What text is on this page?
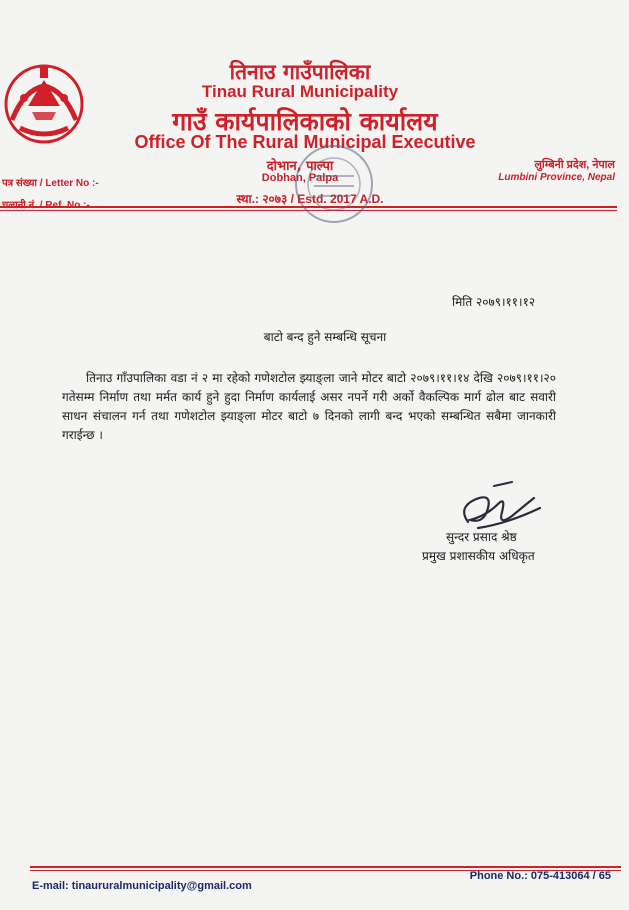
तिनाउ गाउँपालिका
Tinau Rural Municipality
गाउँ कार्यपालिकाको कार्यालय
Office Of The Rural Municipal Executive
दोभान, पाल्पा
Dobhan, Palpa
स्था.: २०७३ / Estd. 2017 A.D.
पत्र संख्या / Letter No :-
लुम्बिनी प्रदेश, नेपाल
Lumbini Province, Nepal
मिति २०७९।११।१२
बाटो बन्द हुने सम्बन्धि सूचना
तिनाउ गाँउपालिका वडा नं २ मा रहेको गणेशटोल झ्याङ्ला जाने मोटर बाटो २०७९।११।१४ देखि २०७९।११।२० गतेसम्म निर्माण तथा मर्मत कार्य हुने हुदा निर्माण कार्यलाई असर नपर्ने गरी अर्को वैकल्पिक मार्ग ढोल बाट सवारी साधन संचालन गर्न तथा गणेशटोल झ्याङ्ला मोटर बाटो ७ दिनको लागी बन्द भएको सम्बन्धित सबैमा जानकारी गराईन्छ ।
सुन्दर प्रसाद श्रेष्ठ
प्रमुख प्रशासकीय अधिकृत
E-mail: tinaururalmunicipality@gmail.com
Phone No.: 075-413064 / 65
